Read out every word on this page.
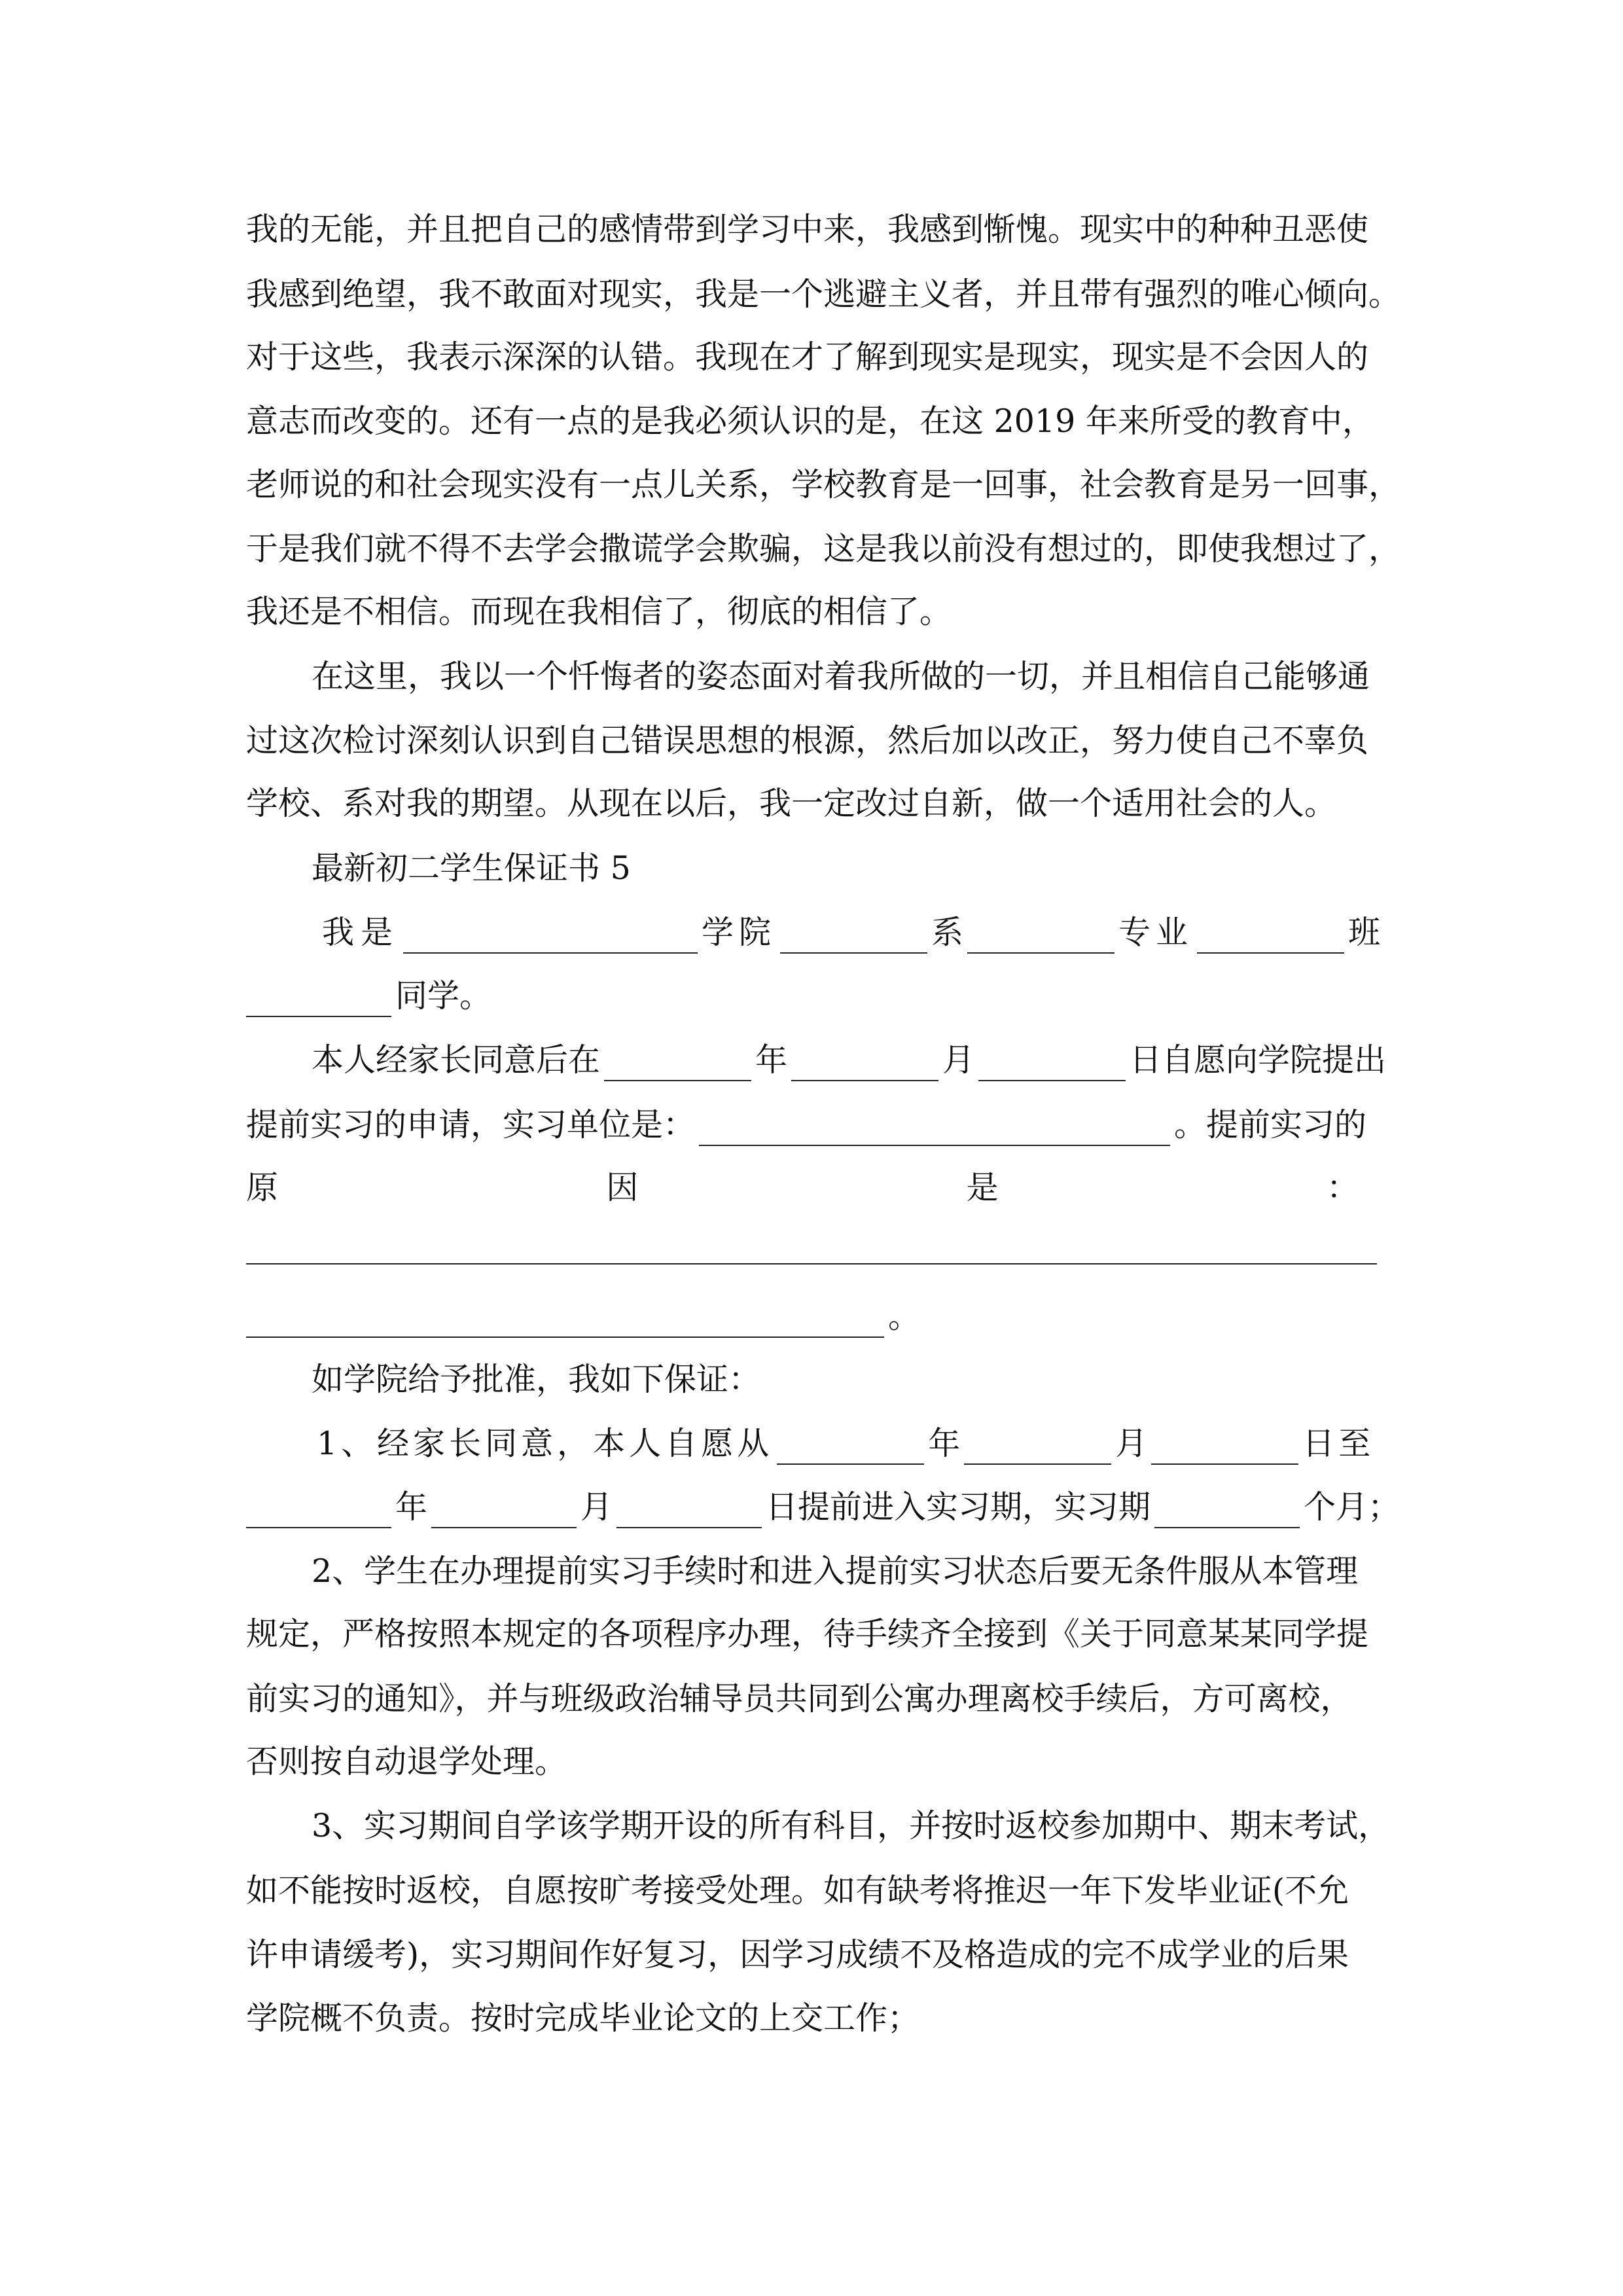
我的无能，并且把自己的感情带到学习中来，我感到惭愧。现实中的种种丑恶使
我感到绝望，我不敢面对现实，我是一个逃避主义者，并且带有强烈的唯心倾向。
对于这些，我表示深深的认错。我现在才了解到现实是现实，现实是不会因人的
意志而改变的。还有一点的是我必须认识的是，在这 2019 年来所受的教育中，
老师说的和社会现实没有一点儿关系，学校教育是一回事，社会教育是另一回事，
于是我们就不得不去学会撒谎学会欺骗，这是我以前没有想过的，即使我想过了，
我还是不相信。而现在我相信了，彻底的相信了。
在这里，我以一个忏悔者的姿态面对着我所做的一切，并且相信自己能够通
过这次检讨深刻认识到自己错误思想的根源，然后加以改正，努力使自己不辜负
学校、系对我的期望。从现在以后，我一定改过自新，做一个适用社会的人。
最新初二学生保证书 5
我是	学院	系	专业	班
同学。
本人经家长同意后在	年	月	日自愿向学院提出
提前实习的申请，实习单位是：	。提前实习的
原	因	是	：
。
如学院给予批准，我如下保证：
1、经家长同意，本人自愿从	年	月	日至
年	月	日提前进入实习期，实习期	个月；
2、学生在办理提前实习手续时和进入提前实习状态后要无条件服从本管理
规定，严格按照本规定的各项程序办理，待手续齐全接到《关于同意某某同学提
前实习的通知》，并与班级政治辅导员共同到公寓办理离校手续后，方可离校，
否则按自动退学处理。
3、实习期间自学该学期开设的所有科目，并按时返校参加期中、期末考试，
如不能按时返校，自愿按旷考接受处理。如有缺考将推迟一年下发毕业证(不允
许申请缓考)，实习期间作好复习，因学习成绩不及格造成的完不成学业的后果
学院概不负责。按时完成毕业论文的上交工作；
